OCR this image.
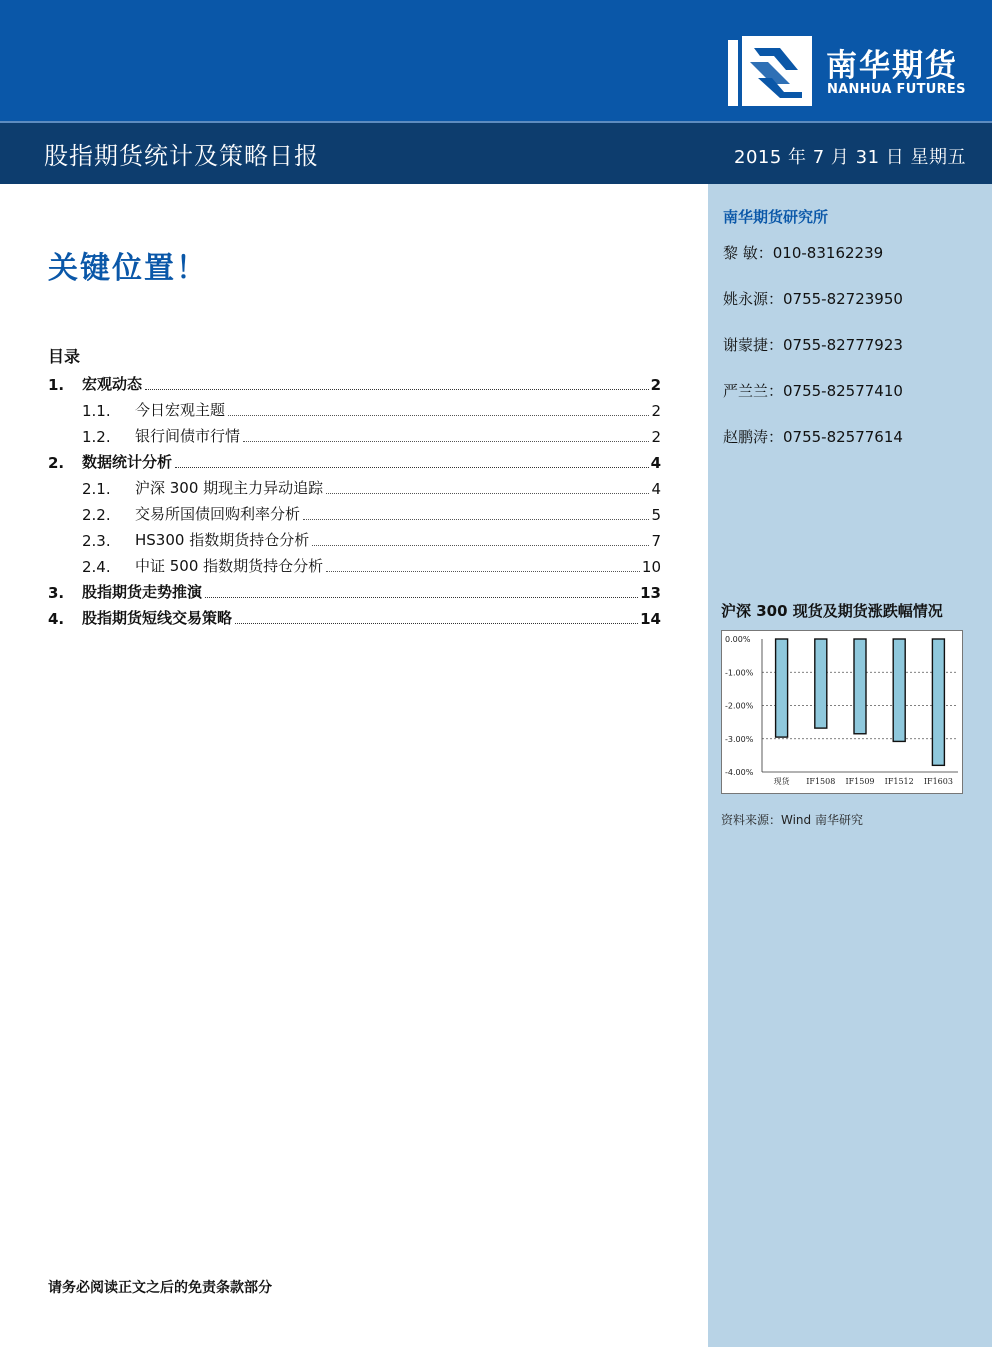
南华期货
NANHUA FUTURES
股指期货统计及策略日报	2015 年 7 月 31 日 星期五
关键位置！
目录
1.	宏观动态	2
1.1.	今日宏观主题	2
1.2.	银行间债市行情	2
2.	数据统计分析	4
2.1.	沪深 300 期现主力异动追踪	4
2.2.	交易所国债回购利率分析	5
2.3.	HS300 指数期货持仓分析	7
2.4.	中证 500 指数期货持仓分析	10
3.	股指期货走势推演	13
4.	股指期货短线交易策略	14
请务必阅读正文之后的免责条款部分
南华期货研究所
黎 敏：010-83162239
姚永源：0755-82723950
谢蒙捷：0755-82777923
严兰兰：0755-82577410
赵鹏涛：0755-82577614
沪深 300 现货及期货涨跌幅情况
0.00%
-1.00%
-2.00%
-3.00%
-4.00%
现货 IF1508 IF1509 IF1512 IF1603
资料来源：Wind 南华研究
